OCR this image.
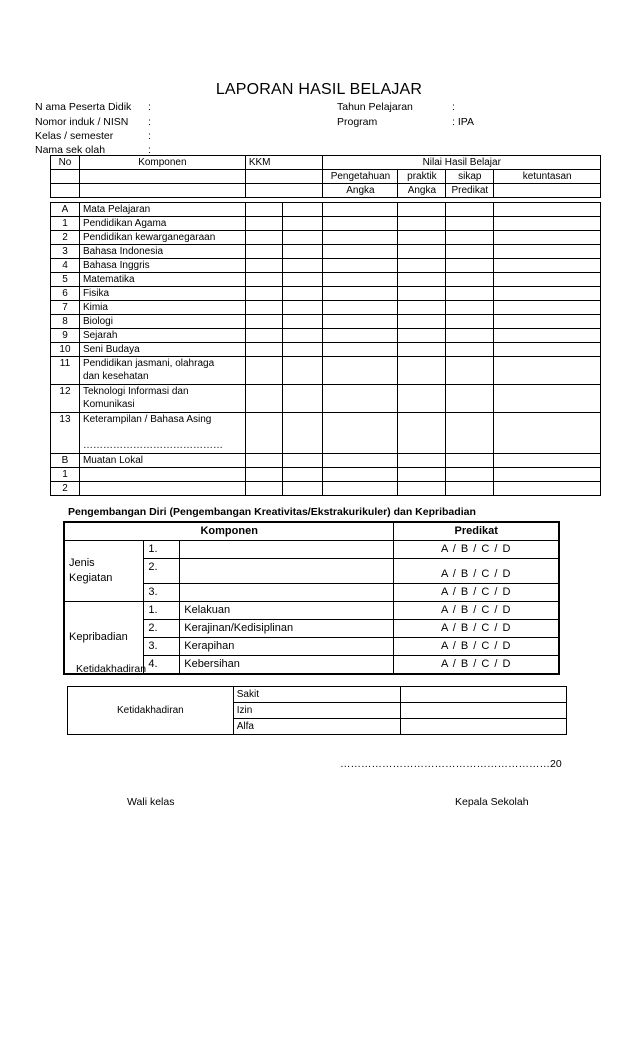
LAPORAN HASIL BELAJAR
N ama Peserta Didik :
Nomor induk / NISN :
Kelas / semester	:
Nama sek olah	:
Tahun Pelajaran	:
Program	: IPA
No	Komponen	KKM		Nilai Hasil Belajar			
				Pengetahuan	praktik	sikap	ketuntasan
				Angka	Angka	Predikat	

A	Mata Pelajaran						

1	Pendidikan Agama						

2	Pendidikan kewarganegaraan						

3	Bahasa Indonesia						

4	Bahasa Inggris						

5	Matematika						

6	Fisika						

7	Kimia						

8	Biologi						

9	Sejarah						

10	Seni Budaya						

11	Pendidikan jasmani, olahraga
dan kesehatan						

12	Teknologi Informasi dan
Komunikasi						

13	Keterampilan / Bahasa Asing
……………………………………						

B	Muatan Lokal						

1	

2	

Pengembangan Diri (Pengembangan Kreativitas/Ekstrakurikuler) dan Kepribadian
Komponen			Predikat
Jenis
Kegiatan	1.		A / B / C / D
	2.		A / B / C / D
	3.		A / B / C / D
Kepribadian	1.	Kelakuan	A / B / C / D
	2.	Kerajinan/Kedisiplinan	A / B / C / D
	3.	Kerapihan	A / B / C / D
	4.	Kebersihan	A / B / C / D
Ketidakhadiran
Ketidakhadiran	Sakit	
	Izin	
	Alfa	
……………………………………………………20
Wali kelas	Kepala Sekolah
